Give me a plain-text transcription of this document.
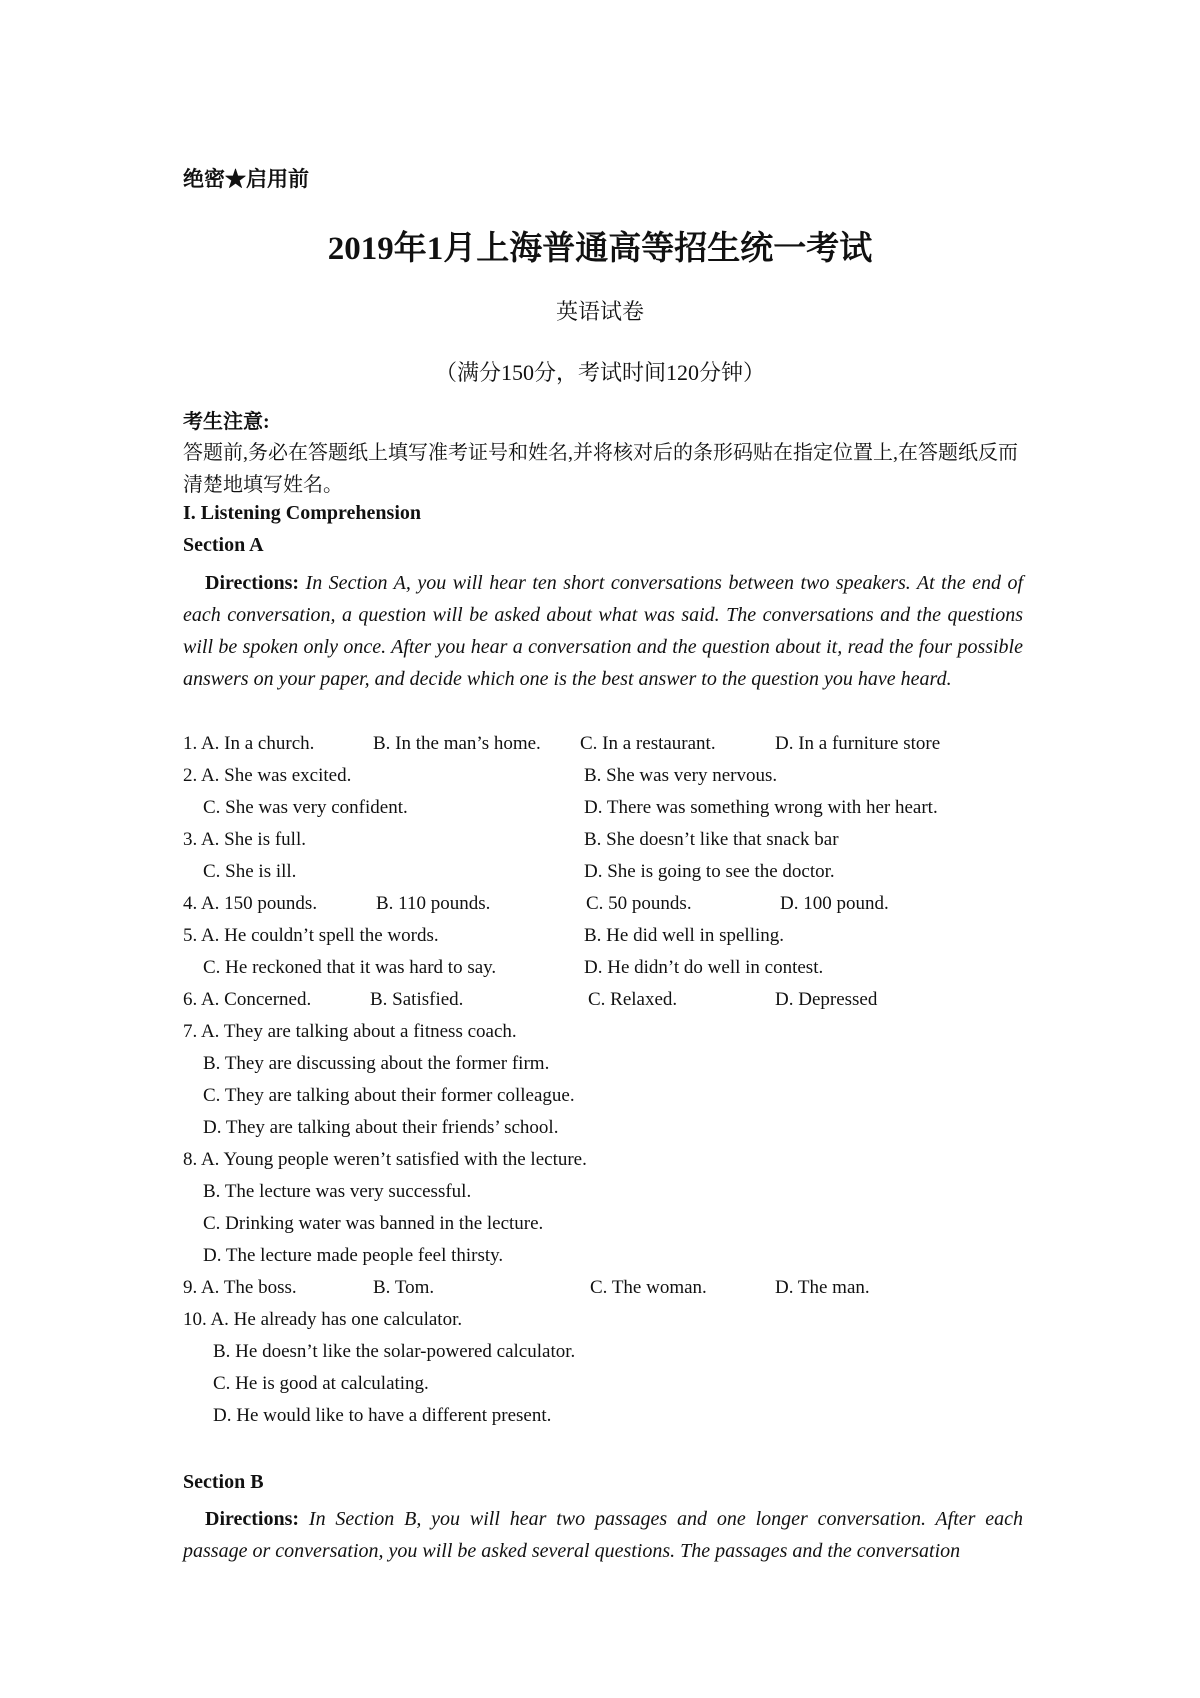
绝密★启用前
2019年1月上海普通高等招生统一考试
英语试卷
（满分150分，考试时间120分钟）
考生注意:
答题前,务必在答题纸上填写准考证号和姓名,并将核对后的条形码贴在指定位置上,在答题纸反而清楚地填写姓名。
I. Listening Comprehension
Section A
Directions: In Section A, you will hear ten short conversations between two speakers. At the end of each conversation, a question will be asked about what was said. The conversations and the questions will be spoken only once. After you hear a conversation and the question about it, read the four possible answers on your paper, and decide which one is the best answer to the question you have heard.
1. A. In a church.	B. In the man’s home. C. In a restaurant.	D. In a furniture store
2. A. She was excited.	B. She was very nervous.
C. She was very confident.	D. There was something wrong with her heart.
3. A. She is full.	B. She doesn’t like that snack bar
C. She is ill.	D. She is going to see the doctor.
4. A. 150 pounds.	B. 110 pounds.	C. 50 pounds.	D. 100 pound.
5. A. He couldn’t spell the words.	B. He did well in spelling.
C. He reckoned that it was hard to say.	D. He didn’t do well in contest.
6. A. Concerned.	B. Satisfied.	C. Relaxed.	D. Depressed
7. A. They are talking about a fitness coach.
B. They are discussing about the former firm.
C. They are talking about their former colleague.
D. They are talking about their friends’ school.
8. A. Young people weren’t satisfied with the lecture.
B. The lecture was very successful.
C. Drinking water was banned in the lecture.
D. The lecture made people feel thirsty.
9. A. The boss.	B. Tom.	C. The woman.	D. The man.
10. A. He already has one calculator.
B. He doesn’t like the solar-powered calculator.
C. He is good at calculating.
D. He would like to have a different present.
Section B
Directions: In Section B, you will hear two passages and one longer conversation. After each passage or conversation, you will be asked several questions. The passages and the conversation
